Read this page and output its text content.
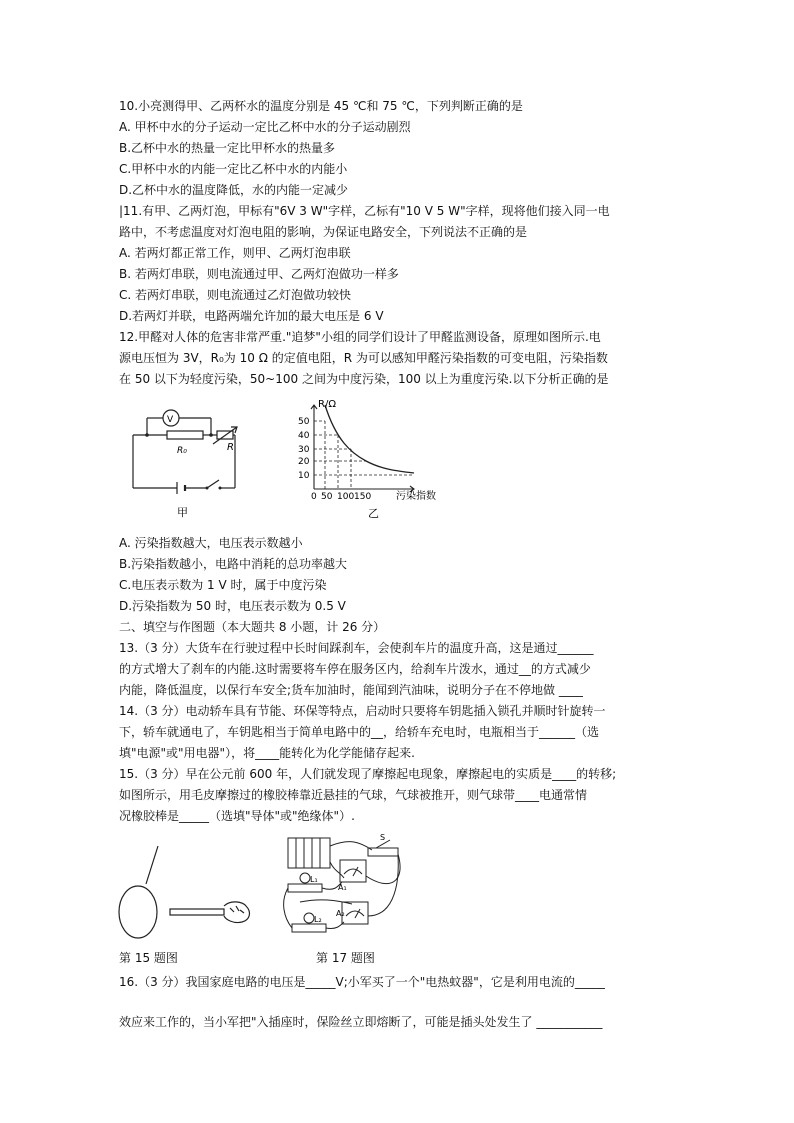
10.小亮测得甲、乙两杯水的温度分别是 45 ℃和 75 ℃，下列判断正确的是
A. 甲杯中水的分子运动一定比乙杯中水的分子运动剧烈
B.乙杯中水的热量一定比甲杯水的热量多
C.甲杯中水的内能一定比乙杯中水的内能小
D.乙杯中水的温度降低，水的内能一定减少
|11.有甲、乙两灯泡，甲标有"6V 3 W"字样，乙标有"10 V 5 W"字样，现将他们接入同一电
路中，不考虑温度对灯泡电阻的影响，为保证电路安全，下列说法不正确的是
A. 若两灯都正常工作，则甲、乙两灯泡串联
B. 若两灯串联，则电流通过甲、乙两灯泡做功一样多
C. 若两灯串联，则电流通过乙灯泡做功较快
D.若两灯并联，电路两端允许加的最大电压是 6 V
12.甲醛对人体的危害非常严重."追梦"小组的同学们设计了甲醛监测设备，原理如图所示.电
源电压恒为 3V，R₀为 10 Ω 的定值电阻，R 为可以感知甲醛污染指数的可变电阻，污染指数
在 50 以下为轻度污染，50~100 之间为中度污染，100 以上为重度污染.以下分析正确的是
V
R₀	R
甲
R/Ω
50
40
30
20
10
0 50 100 150 污染指数
乙
A. 污染指数越大，电压表示数越小
B.污染指数越小，电路中消耗的总功率越大
C.电压表示数为 1 V 时，属于中度污染
D.污染指数为 50 时，电压表示数为 0.5 V
二、填空与作图题（本大题共 8 小题，计 26 分）
13.（3 分）大货车在行驶过程中长时间踩刹车，会使刹车片的温度升高，这是通过______
的方式增大了刹车的内能.这时需要将车停在服务区内，给刹车片泼水，通过__的方式减少
内能，降低温度，以保行车安全;货车加油时，能闻到汽油味，说明分子在不停地做 ____
14.（3 分）电动轿车具有节能、环保等特点，启动时只要将车钥匙插入锁孔并顺时针旋转一
下，轿车就通电了，车钥匙相当于简单电路中的__，给轿车充电时，电瓶相当于______（选
填"电源"或"用电器"），将____能转化为化学能储存起来.
15.（3 分）早在公元前 600 年，人们就发现了摩擦起电现象，摩擦起电的实质是____的转移;
如图所示，用毛皮摩擦过的橡胶棒靠近悬挂的气球，气球被推开，则气球带____电通常情
况橡胶棒是_____（选填"导体"或"绝缘体"）.
S
L₁
L₂
A₁
A₂
第 15 题图	第 17 题图
16.（3 分）我国家庭电路的电压是_____V;小军买了一个"电热蚊器"，它是利用电流的_____
效应来工作的，当小军把"入插座时，保险丝立即熔断了，可能是插头处发生了 ___________
